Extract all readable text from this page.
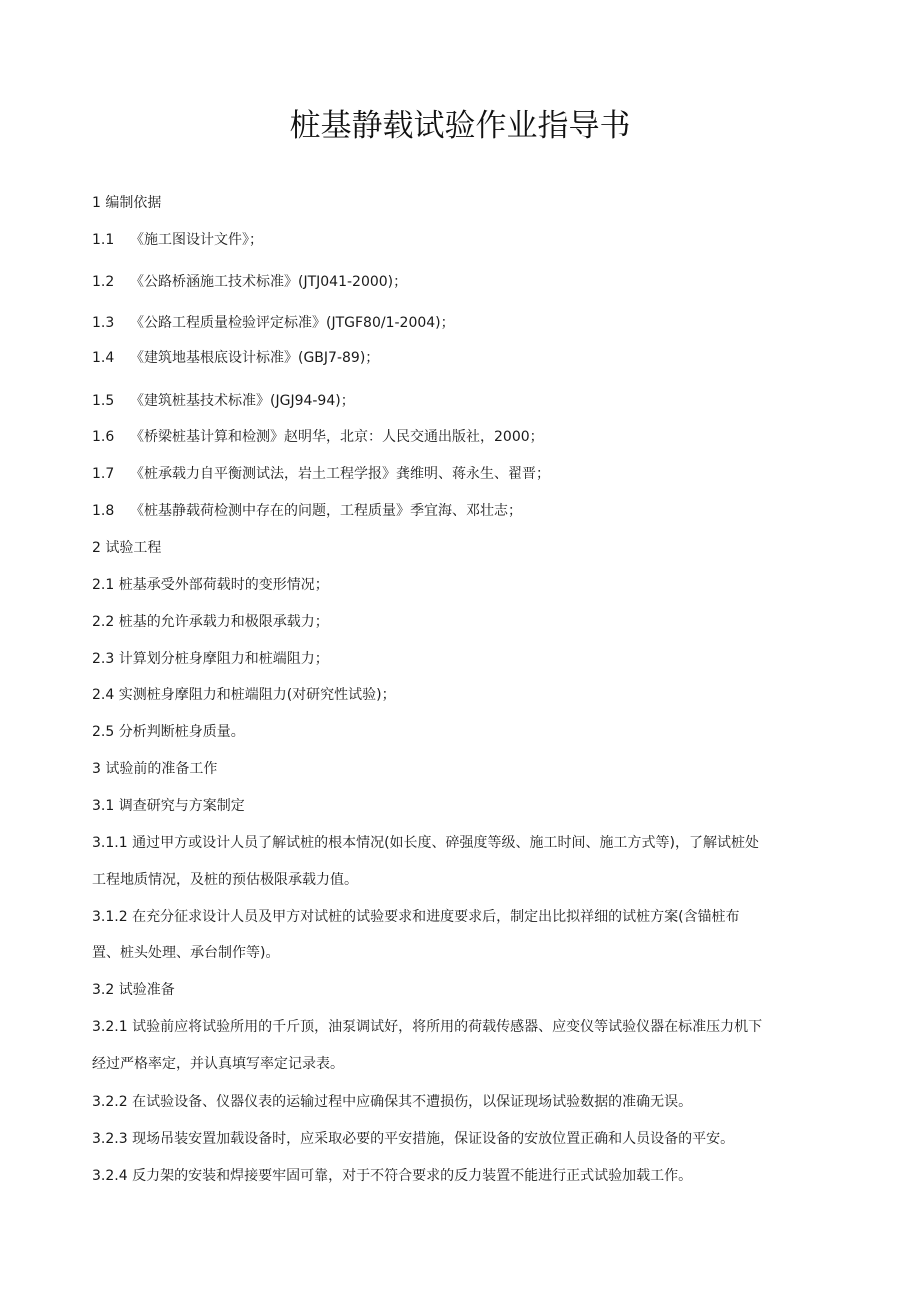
桩基静载试验作业指导书
1 编制依据
1.1 《施工图设计文件》；
1.2 《公路桥涵施工技术标准》(JTJ041-2000)；
1.3 《公路工程质量检验评定标准》(JTGF80/1-2004)；
1.4 《建筑地基根底设计标准》(GBJ7-89)；
1.5 《建筑桩基技术标准》(JGJ94-94)；
1.6 《桥梁桩基计算和检测》赵明华，北京：人民交通出版社，2000；
1.7 《桩承载力自平衡测试法，岩土工程学报》龚维明、蒋永生、翟晋；
1.8 《桩基静载荷检测中存在的问题，工程质量》季宜海、邓壮志；
2 试验工程
2.1 桩基承受外部荷载时的变形情况；
2.2 桩基的允许承载力和极限承载力；
2.3 计算划分桩身摩阻力和桩端阻力；
2.4 实测桩身摩阻力和桩端阻力(对研究性试验)；
2.5 分析判断桩身质量。
3 试验前的准备工作
3.1 调查研究与方案制定
3.1.1 通过甲方或设计人员了解试桩的根本情况(如长度、碎强度等级、施工时间、施工方式等)，了解试桩处
工程地质情况，及桩的预估极限承载力值。
3.1.2 在充分征求设计人员及甲方对试桩的试验要求和进度要求后，制定出比拟祥细的试桩方案(含锚桩布
置、桩头处理、承台制作等)。
3.2 试验准备
3.2.1 试验前应将试验所用的千斤顶，油泵调试好，将所用的荷载传感器、应变仪等试验仪器在标准压力机下
经过严格率定，并认真填写率定记录表。
3.2.2 在试验设备、仪器仪表的运输过程中应确保其不遭损伤，以保证现场试验数据的准确无误。
3.2.3 现场吊装安置加载设备时，应采取必要的平安措施，保证设备的安放位置正确和人员设备的平安。
3.2.4 反力架的安装和焊接要牢固可靠，对于不符合要求的反力装置不能进行正式试验加载工作。
